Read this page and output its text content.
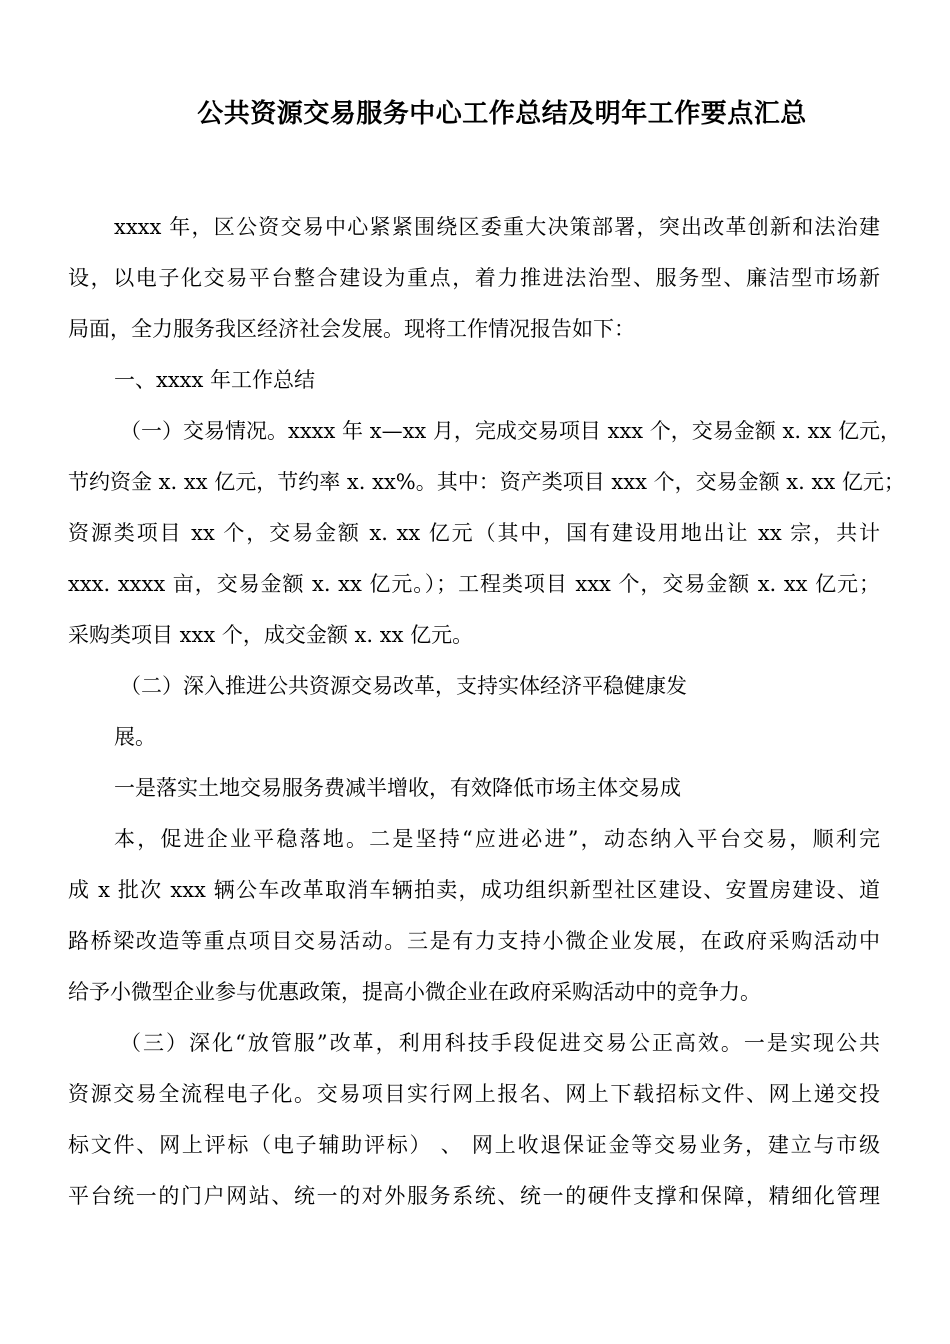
公共资源交易服务中心工作总结及明年工作要点汇总
xxxx 年，区公资交易中心紧紧围绕区委重大决策部署，突出改革创新和法治建
设，以电子化交易平台整合建设为重点，着力推进法治型、服务型、廉洁型市场新
局面，全力服务我区经济社会发展。现将工作情况报告如下：
一、xxxx 年工作总结
（一）交易情况。xxxx 年 x—xx 月，完成交易项目 xxx 个，交易金额 x. xx 亿元，
节约资金 x. xx 亿元，节约率 x. xx%。其中：资产类项目 xxx 个，交易金额 x. xx 亿元；
资源类项目 xx 个，交易金额 x. xx 亿元（其中，国有建设用地出让 xx 宗，共计
xxx. xxxx 亩，交易金额 x. xx 亿元。）；工程类项目 xxx 个，交易金额 x. xx 亿元；
采购类项目 xxx 个，成交金额 x. xx 亿元。
（二）深入推进公共资源交易改革，支持实体经济平稳健康发
展。
一是落实土地交易服务费减半增收，有效降低市场主体交易成
本，促进企业平稳落地。二是坚持“应进必进”，动态纳入平台交易，顺利完
成 x 批次 xxx 辆公车改革取消车辆拍卖，成功组织新型社区建设、安置房建设、道
路桥梁改造等重点项目交易活动。三是有力支持小微企业发展，在政府采购活动中
给予小微型企业参与优惠政策，提高小微企业在政府采购活动中的竞争力。
（三）深化“放管服”改革，利用科技手段促进交易公正高效。一是实现公共
资源交易全流程电子化。交易项目实行网上报名、网上下载招标文件、网上递交投
标文件、网上评标（电子辅助评标） 、 网上收退保证金等交易业务，建立与市级
平台统一的门户网站、统一的对外服务系统、统一的硬件支撑和保障，精细化管理
